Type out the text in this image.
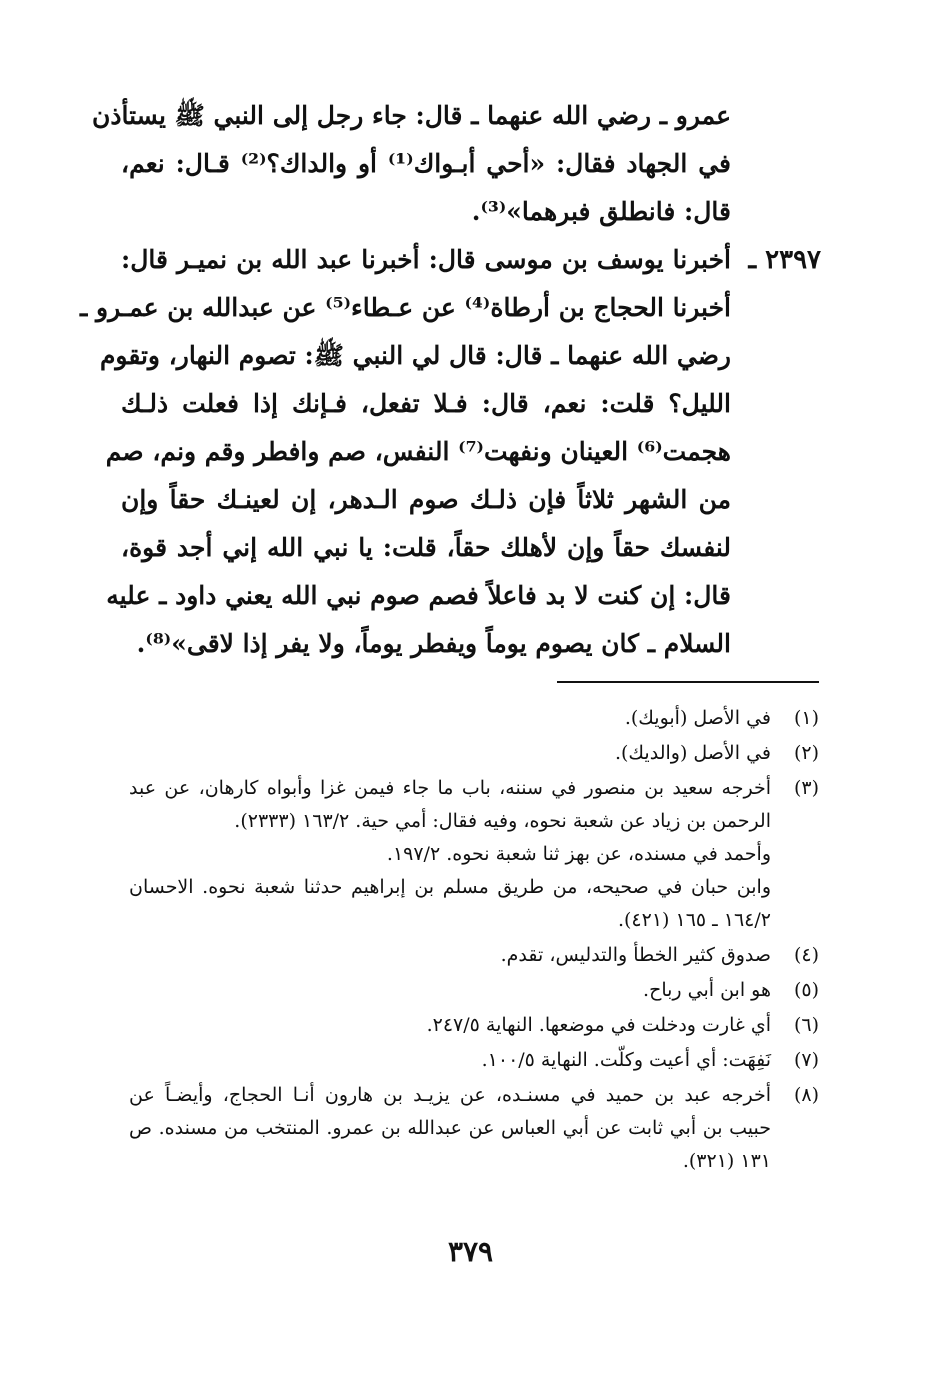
عمرو ـ رضي الله عنهما ـ قال: جاء رجل إلى النبي ﷺ يستأذن
في الجهاد فقال: «أحي أبـواك⁽¹⁾ أو والداك؟⁽²⁾ قـال: نعم،
قال: فانطلق فبرهما»⁽³⁾.
٢٣٩٧ ـ
أخبرنا يوسف بن موسى قال: أخبرنا عبد الله بن نميـر قال:
أخبرنا الحجاج بن أرطاة⁽⁴⁾ عن عـطاء⁽⁵⁾ عن عبدالله بن عمـرو ـ
رضي الله عنهما ـ قال: قال لي النبي ﷺ: تصوم النهار، وتقوم
الليل؟ قلت: نعم، قال: فـلا تفعل، فـإنك إذا فعلت ذلـك
هجمت⁽⁶⁾ العينان ونفهت⁽⁷⁾ النفس، صم وافطر وقم ونم، صم
من الشهر ثلاثاً فإن ذلـك صوم الـدهر، إن لعينـك حقاً وإن
لنفسك حقاً وإن لأهلك حقاً، قلت: يا نبي الله إني أجد قوة،
قال: إن كنت لا بد فاعلاً فصم صوم نبي الله يعني داود ـ عليه
السلام ـ كان يصوم يوماً ويفطر يوماً، ولا يفر إذا لاقى»⁽⁸⁾.
(١)
في الأصل (أبويك).
(٢)
في الأصل (والديك).
(٣)
أخرجه سعيد بن منصور في سننه، باب ما جاء فيمن غزا وأبواه كارهان، عن عبد
الرحمن بن زياد عن شعبة نحوه، وفيه فقال: أمي حية. ١٦٣/٢ (٢٣٣٣).
وأحمد في مسنده، عن بهز ثنا شعبة نحوه. ١٩٧/٢.
وابن حبان في صحيحه، من طريق مسلم بن إبراهيم حدثنا شعبة نحوه. الاحسان
١٦٤/٢ ـ ١٦٥ (٤٢١).
(٤)
صدوق كثير الخطأ والتدليس، تقدم.
(٥)
هو ابن أبي رباح.
(٦)
أي غارت ودخلت في موضعها. النهاية ٢٤٧/٥.
(٧)
نَفِهَت: أي أعيت وكلّت. النهاية ١٠٠/٥.
(٨)
أخرجه عبد بن حميد في مسنـده، عن يزيـد بن هارون أنـا الحجاج، وأيضـاً عن
حبيب بن أبي ثابت عن أبي العباس عن عبدالله بن عمرو. المنتخب من مسنده. ص
١٣١ (٣٢١).
٣٧٩
